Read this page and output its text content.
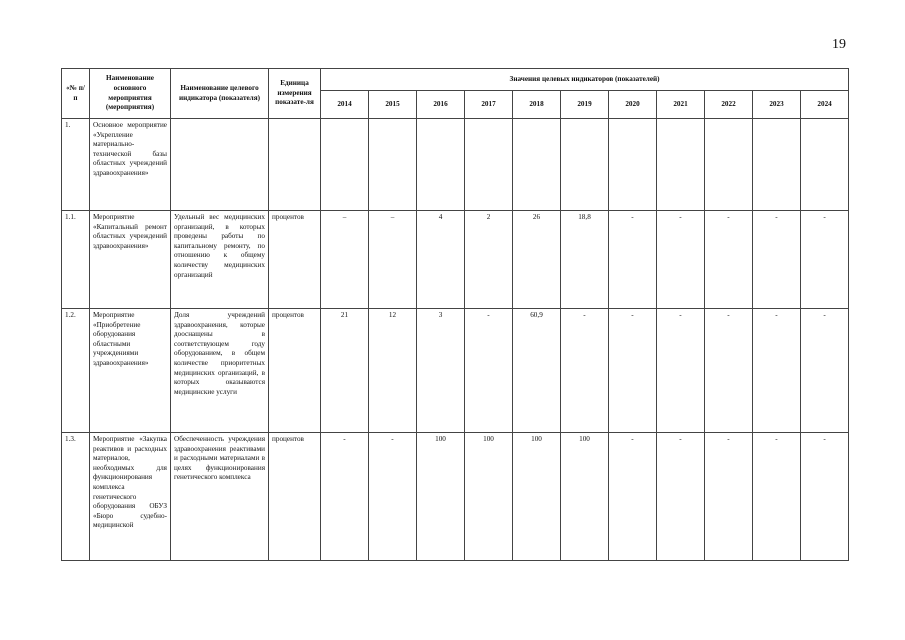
19
«№ п/п	Наименование основного мероприятия (мероприятия)	Наименование целевого индикатора (показателя)	Единица измерения показате-ля	Значения целевых индикаторов (показателей)										
				2014	2015	2016	2017	2018	2019	2020	2021	2022	2023	2024
1.	Основное мероприятие «Укрепление материально-технической базы областных учреждений здравоохранения»													
1.1.	Мероприятие «Капитальный ремонт областных учреждений здравоохранения»	Удельный вес медицинских организаций, в которых проведены работы по капитальному ремонту, по отношению к общему количеству медицинских организаций	процентов	–	–	4	2	26	18,8	-	-	-	-	-
1.2.	Мероприятие «Приобретение оборудования областными учреждениями здравоохранения»	Доля учреждений здравоохранения, которые дооснащены в соответствующем году оборудованием, в общем количестве приоритетных медицинских организаций, в которых оказываются медицинские услуги	процентов	21	12	3	-	60,9	-	-	-	-	-	-
1.3.	Мероприятие «Закупка реактивов и расходных материалов, необходимых для функционирования комплекса генетического оборудования ОБУЗ «Бюро судебно-медицинской	Обеспеченность учреждения здравоохранения реактивами и расходными материалами в целях функционирования генетического комплекса	процентов	-	-	100	100	100	100	-	-	-	-	-
